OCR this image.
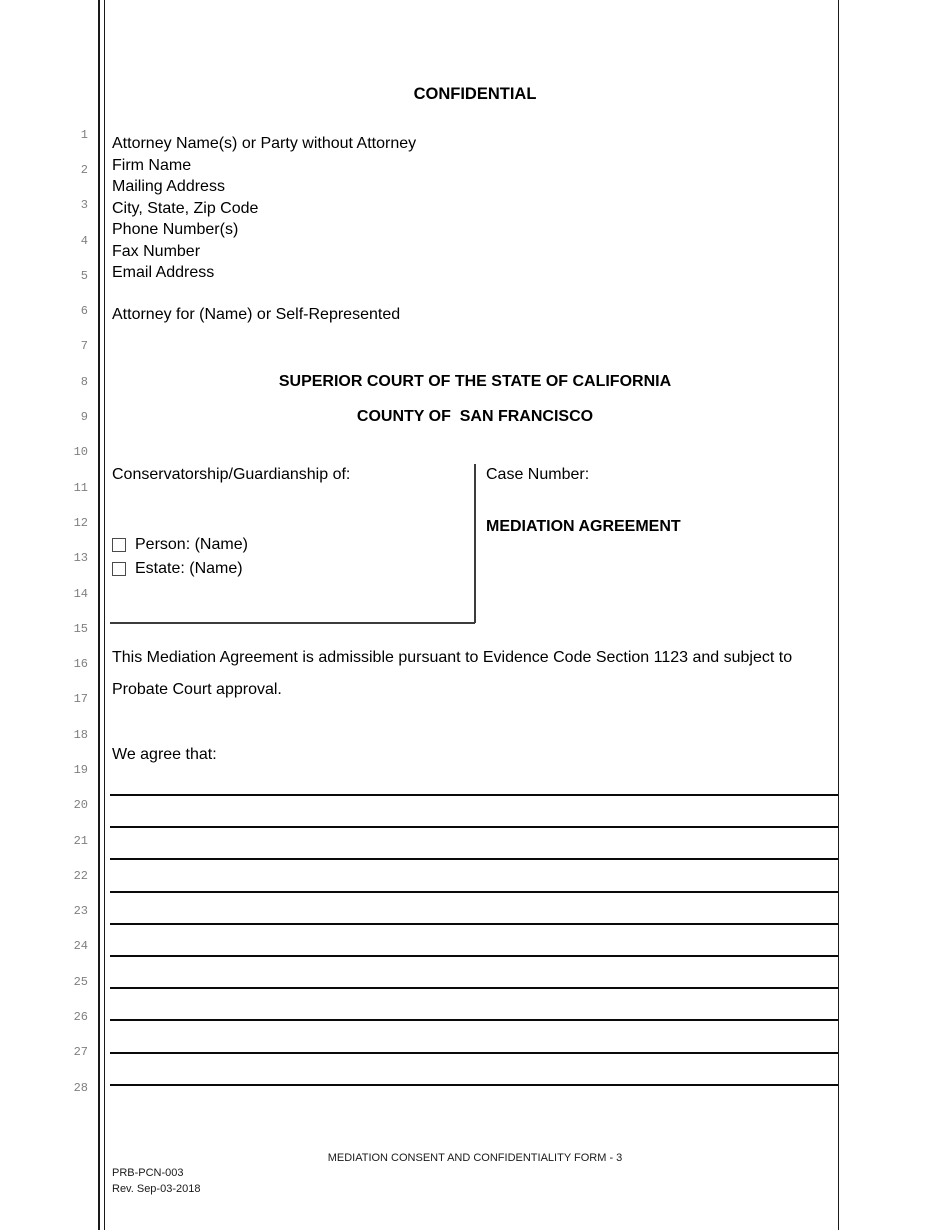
1
2
3
4
5
6
7
8
9
10
11
12
13
14
15
16
17
18
19
20
21
22
23
24
25
26
27
28
CONFIDENTIAL
Attorney Name(s) or Party without Attorney
Firm Name
Mailing Address
City, State, Zip Code
Phone Number(s)
Fax Number
Email Address
Attorney for (Name) or Self-Represented
SUPERIOR COURT OF THE STATE OF CALIFORNIA
COUNTY OF  SAN FRANCISCO
Conservatorship/Guardianship of:
Person: (Name)
Estate: (Name)
Case Number:
MEDIATION AGREEMENT
This Mediation Agreement is admissible pursuant to Evidence Code Section 1123 and subject to Probate Court approval.
We agree that:
MEDIATION CONSENT AND CONFIDENTIALITY FORM - 3
PRB-PCN-003
Rev. Sep-03-2018
